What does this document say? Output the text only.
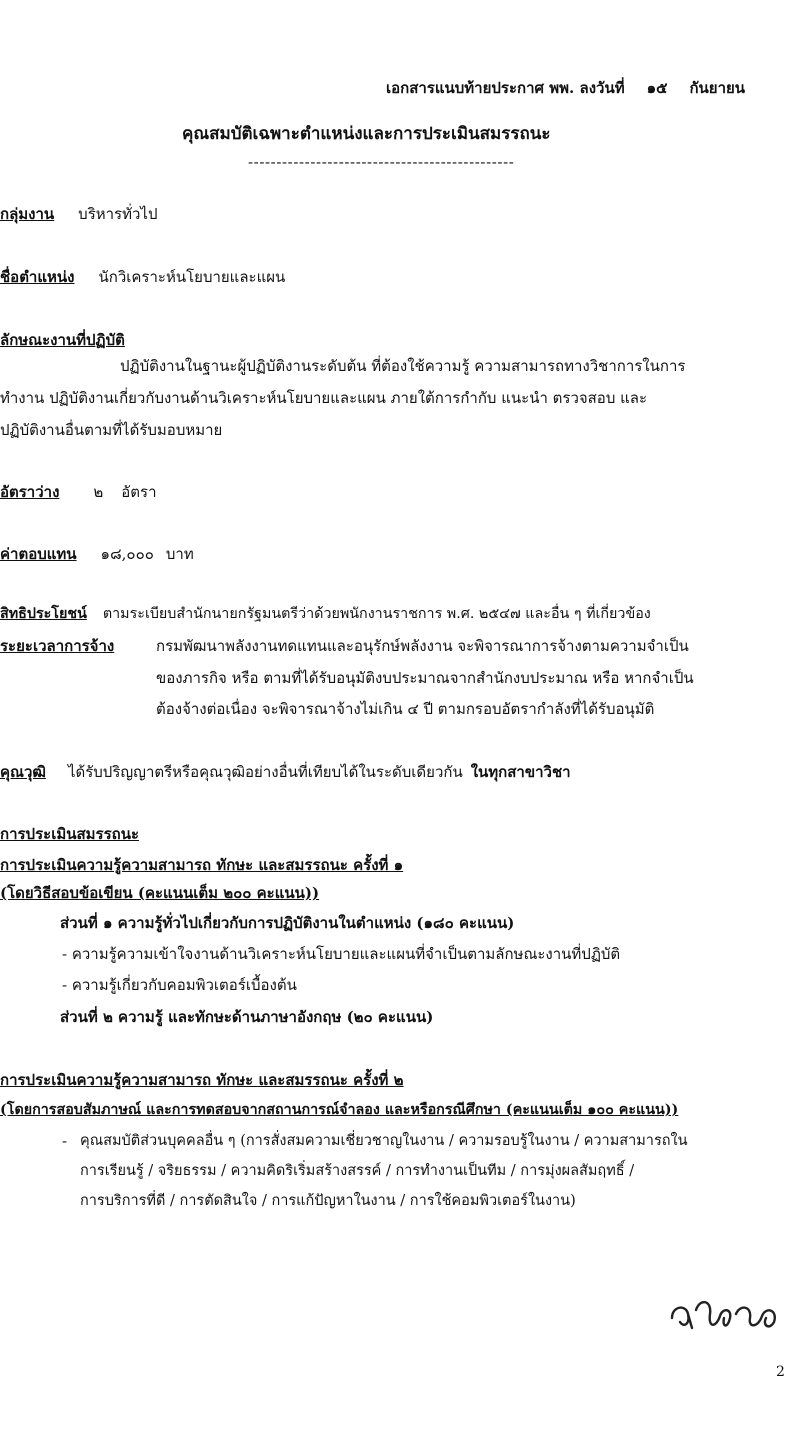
เอกสารแนบท้ายประกาศ พพ. ลงวันที่ ๑๕ กันยายน
คุณสมบัติเฉพาะตำแหน่งและการประเมินสมรรถนะ
-----------------------------------------------
กลุ่มงาน บริหารทั่วไป
ชื่อตำแหน่ง นักวิเคราะห์นโยบายและแผน
ลักษณะงานที่ปฏิบัติ
ปฏิบัติงานในฐานะผู้ปฏิบัติงานระดับต้น ที่ต้องใช้ความรู้ ความสามารถทางวิชาการในการ
ทำงาน ปฏิบัติงานเกี่ยวกับงานด้านวิเคราะห์นโยบายและแผน ภายใต้การกำกับ แนะนำ ตรวจสอบ และ
ปฏิบัติงานอื่นตามที่ได้รับมอบหมาย
อัตราว่าง ๒ อัตรา
ค่าตอบแทน ๑๘,๐๐๐ บาท
สิทธิประโยชน์ ตามระเบียบสำนักนายกรัฐมนตรีว่าด้วยพนักงานราชการ พ.ศ. ๒๕๔๗ และอื่น ๆ ที่เกี่ยวข้อง
ระยะเวลาการจ้าง	กรมพัฒนาพลังงานทดแทนและอนุรักษ์พลังงาน จะพิจารณาการจ้างตามความจำเป็น
ของภารกิจ หรือ ตามที่ได้รับอนุมัติงบประมาณจากสำนักงบประมาณ หรือ หากจำเป็น
ต้องจ้างต่อเนื่อง จะพิจารณาจ้างไม่เกิน ๔ ปี ตามกรอบอัตรากำลังที่ได้รับอนุมัติ
คุณวุฒิ ได้รับปริญญาตรีหรือคุณวุฒิอย่างอื่นที่เทียบได้ในระดับเดียวกัน ในทุกสาขาวิชา
การประเมินสมรรถนะ
การประเมินความรู้ความสามารถ ทักษะ และสมรรถนะ ครั้งที่ ๑
(โดยวิธีสอบข้อเขียน (คะแนนเต็ม ๒๐๐ คะแนน))
ส่วนที่ ๑ ความรู้ทั่วไปเกี่ยวกับการปฏิบัติงานในตำแหน่ง (๑๘๐ คะแนน)
- ความรู้ความเข้าใจงานด้านวิเคราะห์นโยบายและแผนที่จำเป็นตามลักษณะงานที่ปฏิบัติ
- ความรู้เกี่ยวกับคอมพิวเตอร์เบื้องต้น
ส่วนที่ ๒ ความรู้ และทักษะด้านภาษาอังกฤษ (๒๐ คะแนน)
การประเมินความรู้ความสามารถ ทักษะ และสมรรถนะ ครั้งที่ ๒
(โดยการสอบสัมภาษณ์ และการทดสอบจากสถานการณ์จำลอง และหรือกรณีศึกษา (คะแนนเต็ม ๑๐๐ คะแนน))
- คุณสมบัติส่วนบุคคลอื่น ๆ (การสั่งสมความเชี่ยวชาญในงาน / ความรอบรู้ในงาน / ความสามารถใน
การเรียนรู้ / จริยธรรม / ความคิดริเริ่มสร้างสรรค์ / การทำงานเป็นทีม / การมุ่งผลสัมฤทธิ์ /
การบริการที่ดี / การตัดสินใจ / การแก้ปัญหาในงาน / การใช้คอมพิวเตอร์ในงาน)
2
